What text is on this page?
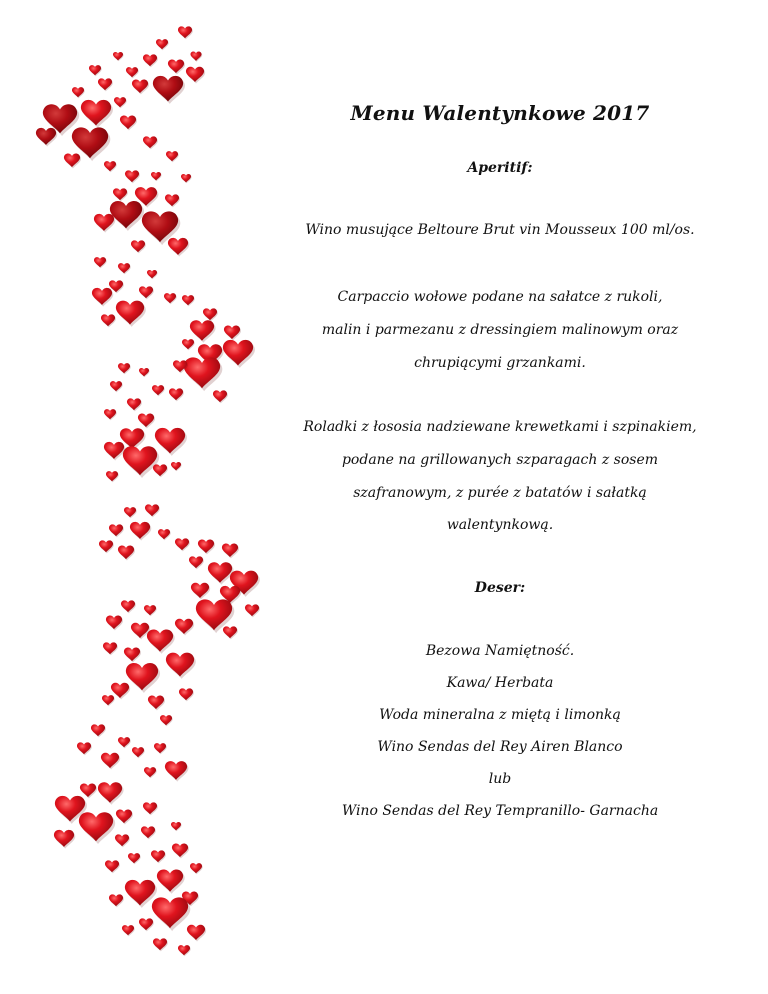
Menu Walentynkowe 2017

Aperitif:

Wino musujące Beltoure Brut vin Mousseux 100 ml/os.

Carpaccio wołowe podane na sałatce z rukoli,

malin i parmezanu z dressingiem malinowym oraz

chrupiącymi grzankami.

Roladki z łososia nadziewane krewetkami i szpinakiem,

podane na grillowanych szparagach z sosem

szafranowym, z purée z batatów i sałatką

walentynkową.

Deser:

Bezowa Namiętność.

Kawa/ Herbata

Woda mineralna z miętą i limonką

Wino Sendas del Rey Airen Blanco

lub

Wino Sendas del Rey Tempranillo- Garnacha
